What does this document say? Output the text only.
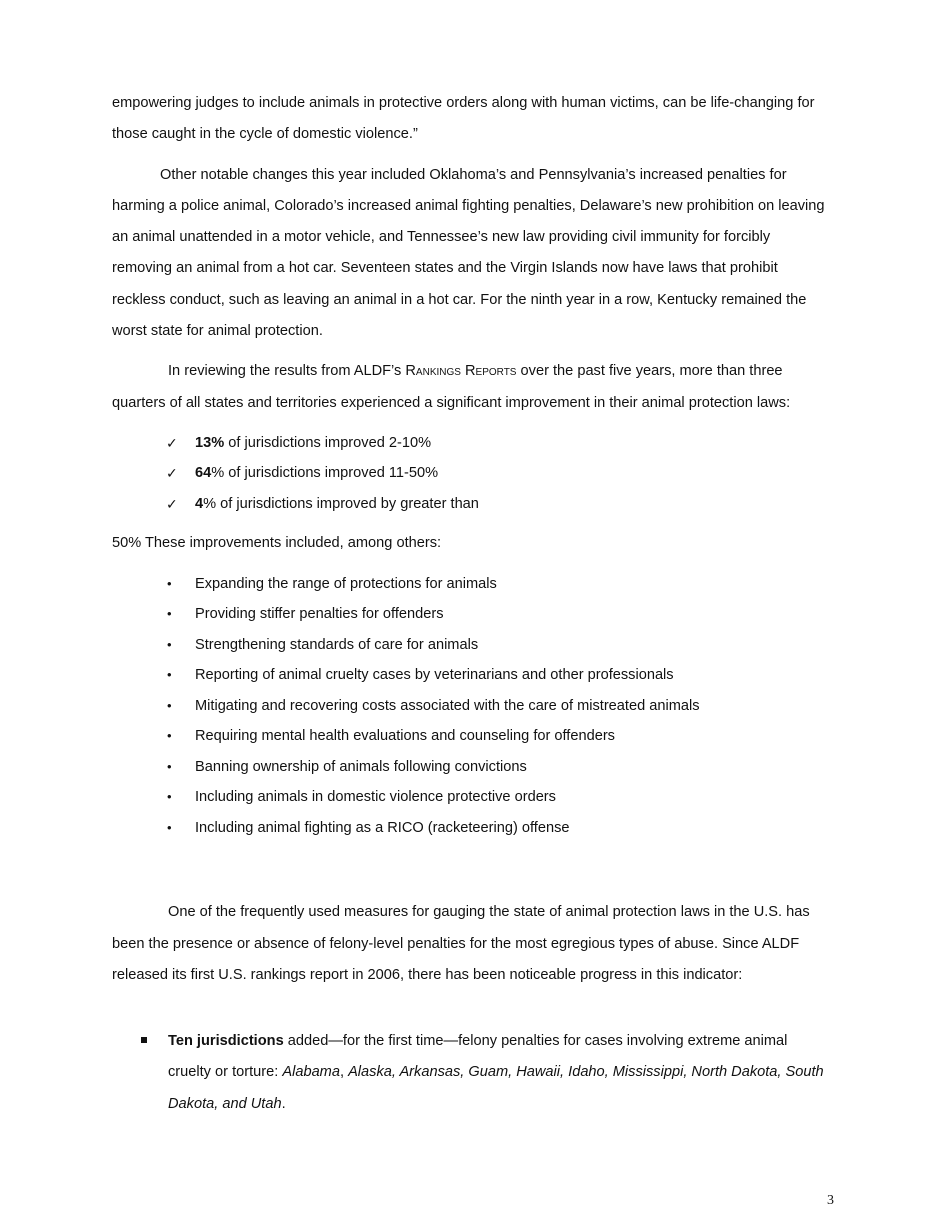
empowering judges to include animals in protective orders along with human victims, can be life-changing for those caught in the cycle of domestic violence.”

Other notable changes this year included Oklahoma’s and Pennsylvania’s increased penalties for harming a police animal, Colorado’s increased animal fighting penalties, Delaware’s new prohibition on leaving an animal unattended in a motor vehicle, and Tennessee’s new law providing civil immunity for forcibly removing an animal from a hot car. Seventeen states and the Virgin Islands now have laws that prohibit reckless conduct, such as leaving an animal in a hot car. For the ninth year in a row, Kentucky remained the worst state for animal protection.

In reviewing the results from ALDF’s Rankings Reports over the past five years, more than three quarters of all states and territories experienced a significant improvement in their animal protection laws:

✓ 13% of jurisdictions improved 2-10%
✓ 64% of jurisdictions improved 11-50%
✓ 4% of jurisdictions improved by greater than

50% These improvements included, among others:

• Expanding the range of protections for animals
• Providing stiffer penalties for offenders
• Strengthening standards of care for animals
• Reporting of animal cruelty cases by veterinarians and other professionals
• Mitigating and recovering costs associated with the care of mistreated animals
• Requiring mental health evaluations and counseling for offenders
• Banning ownership of animals following convictions
• Including animals in domestic violence protective orders
• Including animal fighting as a RICO (racketeering) offense

One of the frequently used measures for gauging the state of animal protection laws in the U.S. has been the presence or absence of felony-level penalties for the most egregious types of abuse. Since ALDF released its first U.S. rankings report in 2006, there has been noticeable progress in this indicator:

Ten jurisdictions added—for the first time—felony penalties for cases involving extreme animal cruelty or torture: Alabama, Alaska, Arkansas, Guam, Hawaii, Idaho, Mississippi, North Dakota, South Dakota, and Utah.
3
